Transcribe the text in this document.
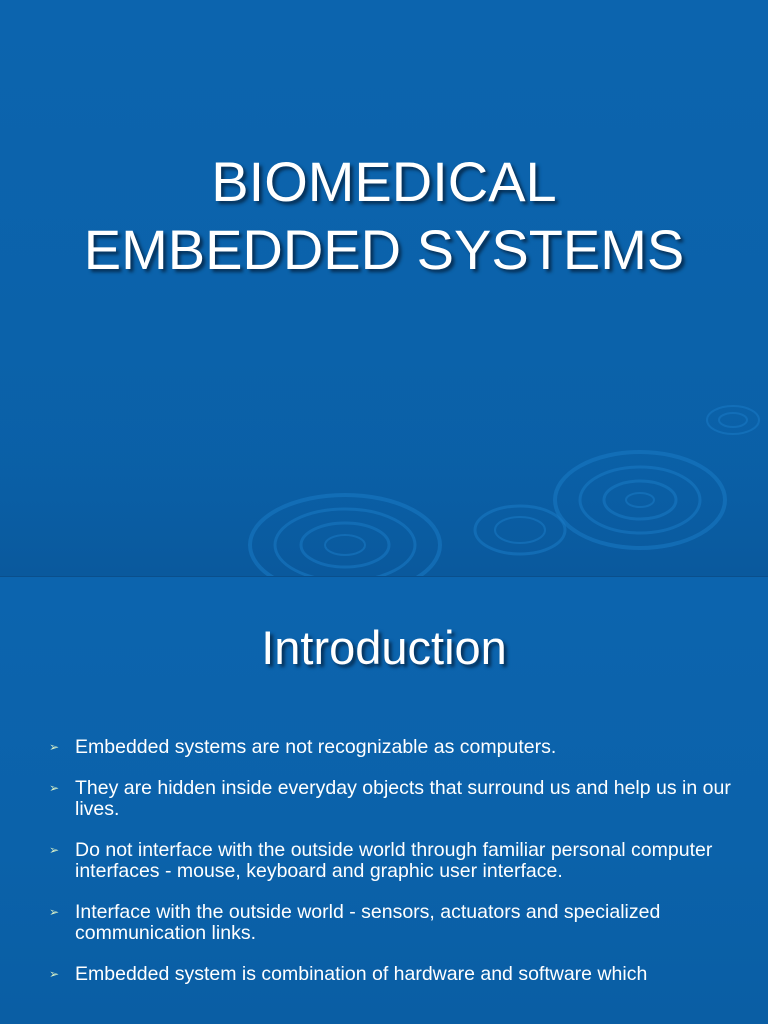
BIOMEDICAL
EMBEDDED SYSTEMS
Introduction
➢ Embedded systems are not recognizable as computers.
➢ They are hidden inside everyday objects that surround us and help us in our lives.
➢ Do not interface with the outside world through familiar personal computer interfaces - mouse, keyboard and graphic user interface.
➢ Interface with the outside world - sensors, actuators and specialized communication links.
➢ Embedded system is combination of hardware and software which
